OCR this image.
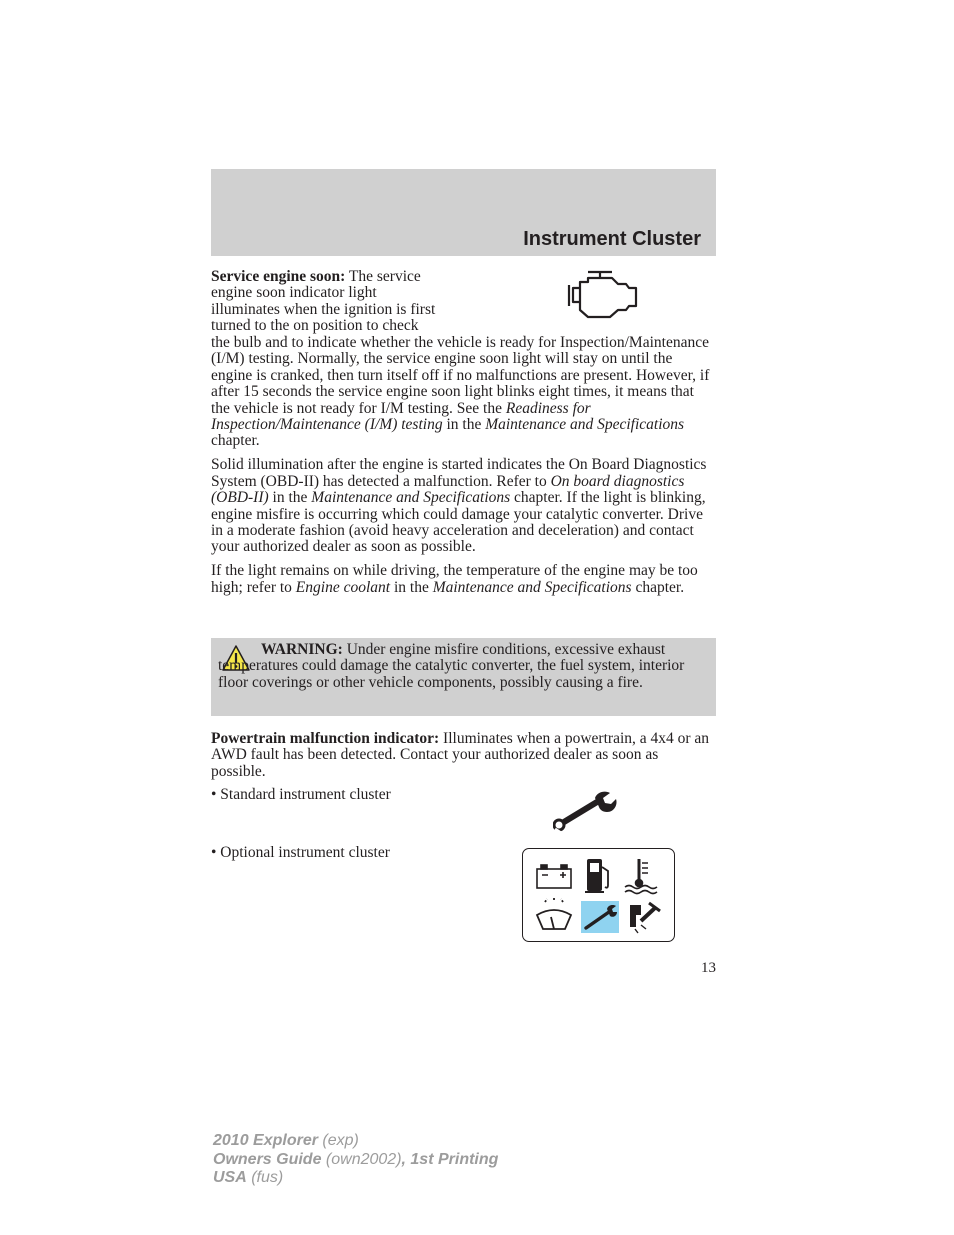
Instrument Cluster

Service engine soon: The service

engine soon indicator light

illuminates when the ignition is first

turned to the on position to check

the bulb and to indicate whether the vehicle is ready for Inspection/Maintenance (I/M) testing. Normally, the service engine soon light will stay on until the engine is cranked, then turn itself off if no malfunctions are present. However, if after 15 seconds the service engine soon light blinks eight times, it means that the vehicle is not ready for I/M testing. See the Readiness for Inspection/Maintenance (I/M) testing in the Maintenance and Specifications chapter.

Solid illumination after the engine is started indicates the On Board Diagnostics System (OBD-II) has detected a malfunction. Refer to On board diagnostics (OBD-II) in the Maintenance and Specifications chapter. If the light is blinking, engine misfire is occurring which could damage your catalytic converter. Drive in a moderate fashion (avoid heavy acceleration and deceleration) and contact your authorized dealer as soon as possible.

If the light remains on while driving, the temperature of the engine may be too high; refer to Engine coolant in the Maintenance and Specifications chapter.

WARNING: Under engine misfire conditions, excessive exhaust temperatures could damage the catalytic converter, the fuel system, interior floor coverings or other vehicle components, possibly causing a fire.

Powertrain malfunction indicator: Illuminates when a powertrain, a 4x4 or an AWD fault has been detected. Contact your authorized dealer as soon as possible.

• Standard instrument cluster
• Optional instrument cluster
13
2010 Explorer (exp)
Owners Guide (own2002), 1st Printing
USA (fus)
